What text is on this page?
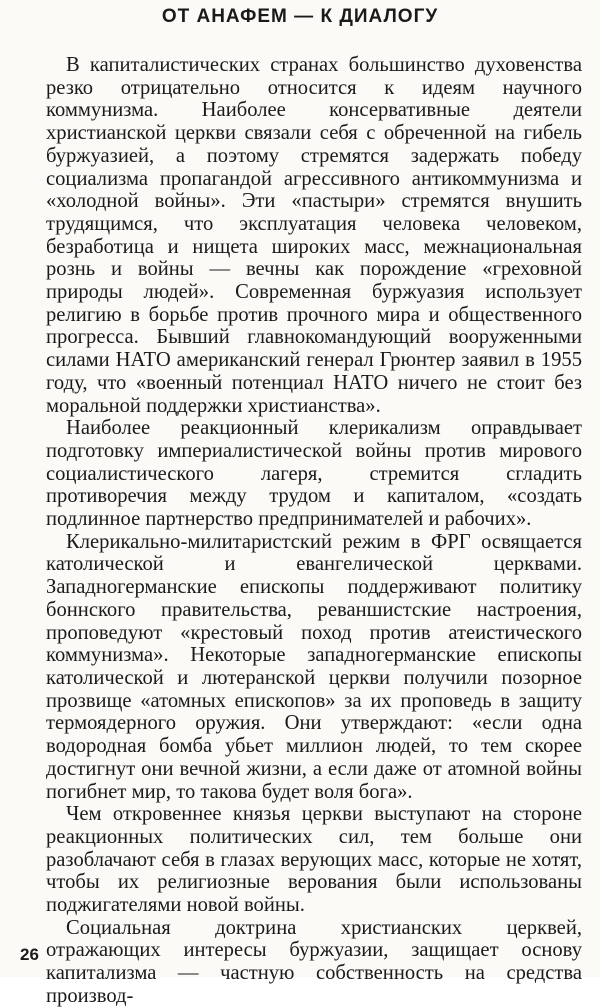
ОТ АНАФЕМ — К ДИАЛОГУ

В капиталистических странах большинство духовенства резко отрицательно относится к идеям научного коммунизма. Наиболее консервативные деятели христианской церкви связали себя с обреченной на гибель буржуазией, а поэтому стремятся задержать победу социализма пропагандой агрессивного антикоммунизма и «холодной войны». Эти «пастыри» стремятся внушить трудящимся, что эксплуатация человека человеком, безработица и нищета широких масс, межнациональная рознь и войны — вечны как порождение «греховной природы людей». Современная буржуазия использует религию в борьбе против прочного мира и общественного прогресса. Бывший главнокомандующий вооруженными силами НАТО американский генерал Грюнтер заявил в 1955 году, что «военный потенциал НАТО ничего не стоит без моральной поддержки христианства».

Наиболее реакционный клерикализм оправдывает подготовку империалистической войны против мирового социалистического лагеря, стремится сгладить противоречия между трудом и капиталом, «создать подлинное партнерство предпринимателей и рабочих».

Клерикально-милитаристский режим в ФРГ освящается католической и евангелической церквами. Западногерманские епископы поддерживают политику боннского правительства, реваншистские настроения, проповедуют «крестовый поход против атеистического коммунизма». Некоторые западногерманские епископы католической и лютеранской церкви получили позорное прозвище «атомных епископов» за их проповедь в защиту термоядерного оружия. Они утверждают: «если одна водородная бомба убьет миллион людей, то тем скорее достигнут они вечной жизни, а если даже от атомной войны погибнет мир, то такова будет воля бога».

Чем откровеннее князья церкви выступают на стороне реакционных политических сил, тем больше они разоблачают себя в глазах верующих масс, которые не хотят, чтобы их религиозные верования были использованы поджигателями новой войны.

Социальная доктрина христианских церквей, отражающих интересы буржуазии, защищает основу капитализма — частную собственность на средства производ-

26
